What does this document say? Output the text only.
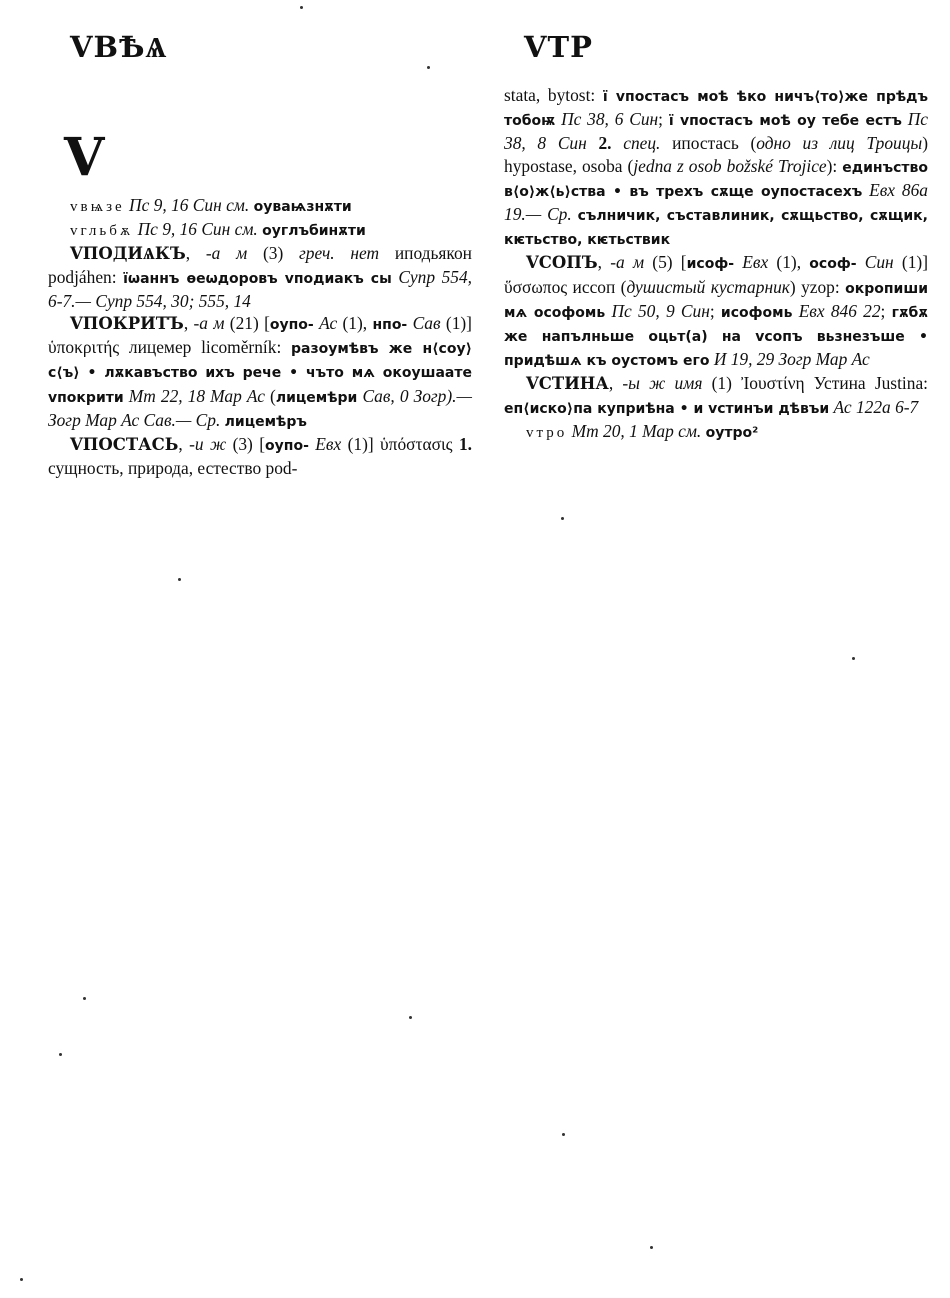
VВѢѦ	VТР
V

vвѩзе Пс 9, 16 Син см. оуваѩзнѫти

vгльбѫ Пс 9, 16 Син см. оуглъбинѫти

VПОДИѦКЪ, -а м (3) греч. нет иподьякон podjáhen: їѡаннъ ѳеѡдоровъ vподиакъ сы Супр 554, 6-7.— Супр 554, 30; 555, 14

VПОКРИТЪ, -а м (21) [оупо- Ас (1), нпо- Сав (1)] ὑποκριτής лицемер licoměrník: разоумѣвъ же н⟨соу⟩с⟨ъ⟩ • лѫкавъство ихъ рече • чъто мѧ окоушаате vпокрити Мт 22, 18 Мар Ас (лицемѣри Сав, 0 Зогр).— Зогр Мар Ас Сав.— Ср. лицемѣръ

VПОСТАСЬ, -и ж (3) [оупо- Евх (1)] ὑπόστασις 1. сущность, природа, естество pod-

stata, bytost: ї vпостасъ моѣ ѣко ничъ⟨то⟩же прѣдъ тобоѭ Пс 38, 6 Син; ї vпостасъ моѣ оу тебе естъ Пс 38, 8 Син 2. спец. ипостась (одно из лиц Троицы) hypostase, osoba (jedna z osob božské Trojice): единъство в⟨о⟩ж⟨ь⟩ства • въ трехъ сѫще оупостасехъ Евх 86а 19.— Ср. сълничик, съставлиник, сѫщьство, сѫщик, кѥтьство, кѥтьствик

VСОПЪ, -а м (5) [исоф- Евх (1), ософ- Син (1)] ὕσσωπος иссоп (душистый кустарник) yzop: окропиши мѧ ософомь Пс 50, 9 Син; исофомь Евх 846 22; гѫбѫ же напълньше оцьт(а) на vсопъ вьзнезъше • придѣшѧ къ оустомъ его И 19, 29 Зогр Мар Ас

VСТИНА, -ы ж имя (1) Ἰουστίνη Устина Justina: еп⟨иско⟩па куприѣна • и vстинъи дѣвъи Ас 122а 6-7

vтро Мт 20, 1 Мар см. оутро²
